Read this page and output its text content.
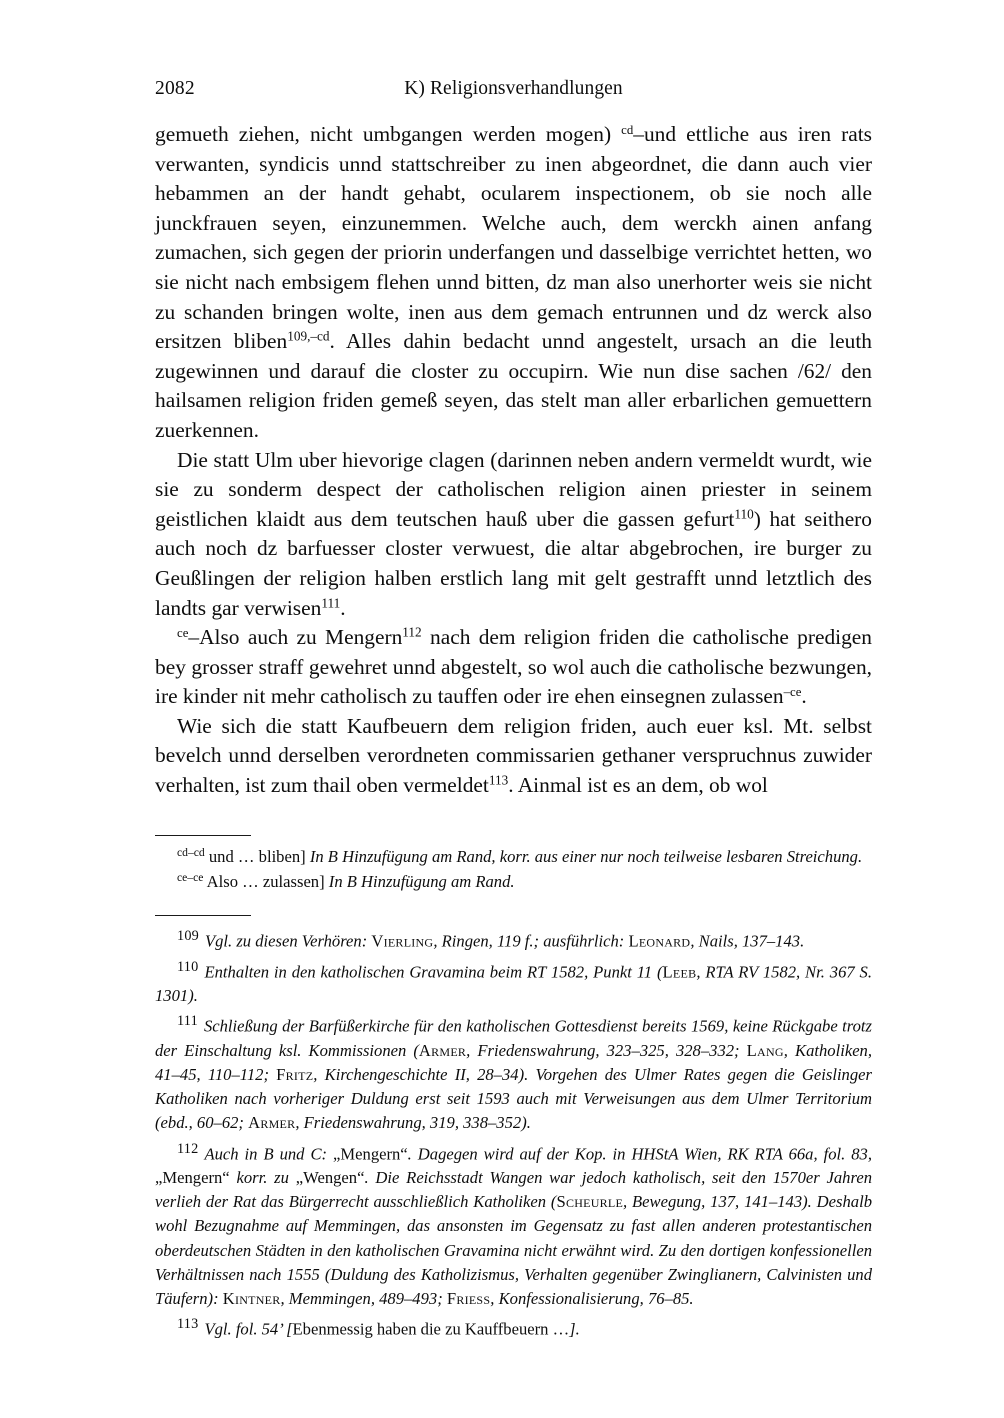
2082	K) Religionsverhandlungen

gemueth ziehen, nicht umbgangen werden mogen) $^{cd}$–und ettliche aus iren rats verwanten, syndicis unnd stattschreiber zu inen abgeordnet, die dann auch vier hebammen an der handt gehabt, ocularem inspectionem, ob sie noch alle junckfrauen seyen, einzunemmen. Welche auch, dem werckh ainen anfang zumachen, sich gegen der priorin underfangen und dasselbige verrichtet hetten, wo sie nicht nach embsigem flehen unnd bitten, dz man also unerhorter weis sie nicht zu schanden bringen wolte, inen aus dem gemach entrunnen und dz werck also ersitzen bliben$^{109,-cd}$. Alles dahin bedacht unnd angestelt, ursach an die leuth zugewinnen und darauf die closter zu occupirn. Wie nun dise sachen /62/ den hailsamen religion friden gemeß seyen, das stelt man aller erbarlichen gemuettern zuerkennen.

Die statt Ulm uber hievorige clagen (darinnen neben andern vermeldt wurdt, wie sie zu sonderm despect der catholischen religion ainen priester in seinem geistlichen klaidt aus dem teutschen hauß uber die gassen gefurt$^{110}$) hat seithero auch noch dz barfuesser closter verwuest, die altar abgebrochen, ire burger zu Geußlingen der religion halben erstlich lang mit gelt gestrafft unnd letztlich des landts gar verwisen$^{111}$.

$^{ce}$–Also auch zu Mengern$^{112}$ nach dem religion friden die catholische predigen bey grosser straff gewehret unnd abgestelt, so wol auch die catholische bezwungen, ire kinder nit mehr catholisch zu tauffen oder ire ehen einsegnen zulassen$^{-ce}$.

Wie sich die statt Kaufbeuern dem religion friden, auch euer ksl. Mt. selbst bevelch unnd derselben verordneten commissarien gethaner verspruchnus zuwider verhalten, ist zum thail oben vermeldet$^{113}$. Ainmal ist es an dem, ob wol

$^{cd-cd}$ und … bliben] In B Hinzufügung am Rand, korr. aus einer nur noch teilweise lesbaren Streichung.

$^{ce-ce}$ Also … zulassen] In B Hinzufügung am Rand.

109 Vgl. zu diesen Verhören: Vierling, Ringen, 119 f.; ausführlich: Leonard, Nails, 137–143.

110 Enthalten in den katholischen Gravamina beim RT 1582, Punkt 11 (Leeb, RTA RV 1582, Nr. 367 S. 1301).

111 Schließung der Barfüßerkirche für den katholischen Gottesdienst bereits 1569, keine Rückgabe trotz der Einschaltung ksl. Kommissionen (Armer, Friedenswahrung, 323–325, 328–332; Lang, Katholiken, 41–45, 110–112; Fritz, Kirchengeschichte II, 28–34). Vorgehen des Ulmer Rates gegen die Geislinger Katholiken nach vorheriger Duldung erst seit 1593 auch mit Verweisungen aus dem Ulmer Territorium (ebd., 60–62; Armer, Friedenswahrung, 319, 338–352).

112 Auch in B und C: „Mengern“. Dagegen wird auf der Kop. in HHStA Wien, RK RTA 66a, fol. 83, „Mengern“ korr. zu „Wengen“. Die Reichsstadt Wangen war jedoch katholisch, seit den 1570er Jahren verlieh der Rat das Bürgerrecht ausschließlich Katholiken (Scheurle, Bewegung, 137, 141–143). Deshalb wohl Bezugnahme auf Memmingen, das ansonsten im Gegensatz zu fast allen anderen protestantischen oberdeutschen Städten in den katholischen Gravamina nicht erwähnt wird. Zu den dortigen konfessionellen Verhältnissen nach 1555 (Duldung des Katholizismus, Verhalten gegenüber Zwinglianern, Calvinisten und Täufern): Kintner, Memmingen, 489–493; Friess, Konfessionalisierung, 76–85.

113 Vgl. fol. 54’ [Ebenmessig haben die zu Kauffbeuern …].
